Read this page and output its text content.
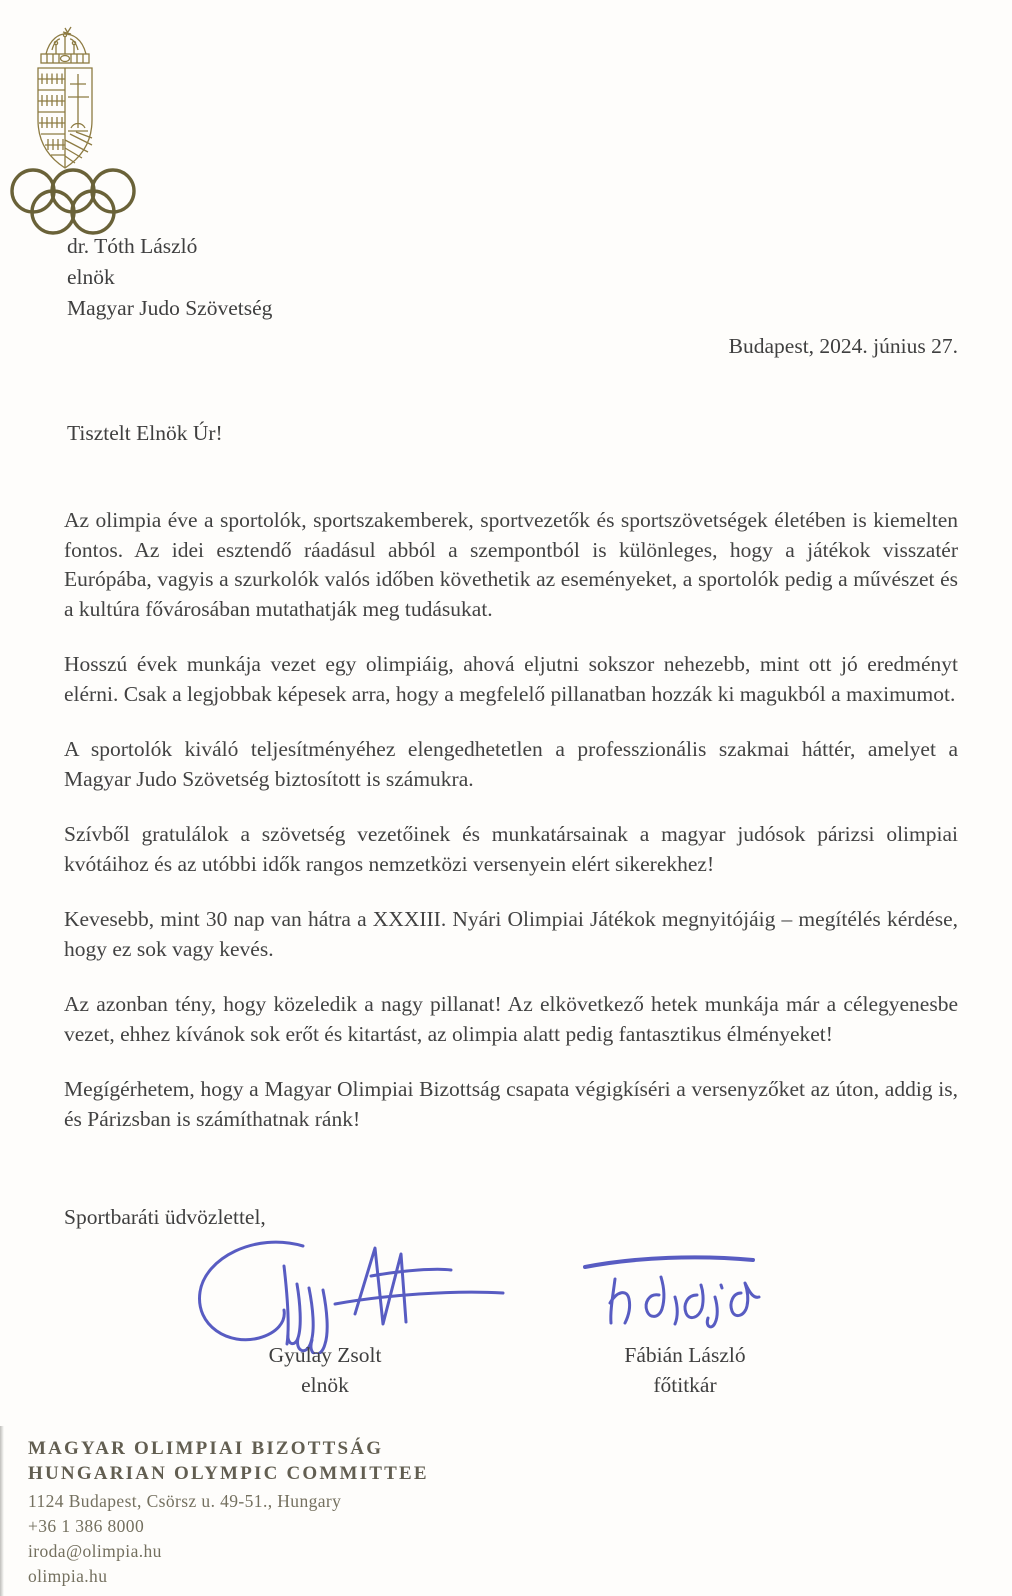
dr. Tóth László
elnök
Magyar Judo Szövetség
Budapest, 2024. június 27.
Tisztelt Elnök Úr!

Az olimpia éve a sportolók, sportszakemberek, sportvezetők és sportszövetségek életében is kiemelten fontos. Az idei esztendő ráadásul abból a szempontból is különleges, hogy a játékok visszatér Európába, vagyis a szurkolók valós időben követhetik az eseményeket, a sportolók pedig a művészet és a kultúra fővárosában mutathatják meg tudásukat.

Hosszú évek munkája vezet egy olimpiáig, ahová eljutni sokszor nehezebb, mint ott jó eredményt elérni. Csak a legjobbak képesek arra, hogy a megfelelő pillanatban hozzák ki magukból a maximumot.

A sportolók kiváló teljesítményéhez elengedhetetlen a professzionális szakmai háttér, amelyet a Magyar Judo Szövetség biztosított is számukra.

Szívből gratulálok a szövetség vezetőinek és munkatársainak a magyar judósok párizsi olimpiai kvótáihoz és az utóbbi idők rangos nemzetközi versenyein elért sikerekhez!

Kevesebb, mint 30 nap van hátra a XXXIII. Nyári Olimpiai Játékok megnyitójáig – megítélés kérdése, hogy ez sok vagy kevés.

Az azonban tény, hogy közeledik a nagy pillanat! Az elkövetkező hetek munkája már a célegyenesbe vezet, ehhez kívánok sok erőt és kitartást, az olimpia alatt pedig fantasztikus élményeket!

Megígérhetem, hogy a Magyar Olimpiai Bizottság csapata végigkíséri a versenyzőket az úton, addig is, és Párizsban is számíthatnak ránk!

Sportbaráti üdvözlettel,
Gyulay Zsolt
elnök
Fábián László
főtitkár
MAGYAR OLIMPIAI BIZOTTSÁG
HUNGARIAN OLYMPIC COMMITTEE
1124 Budapest, Csörsz u. 49-51., Hungary
+36 1 386 8000
iroda@olimpia.hu
olimpia.hu
